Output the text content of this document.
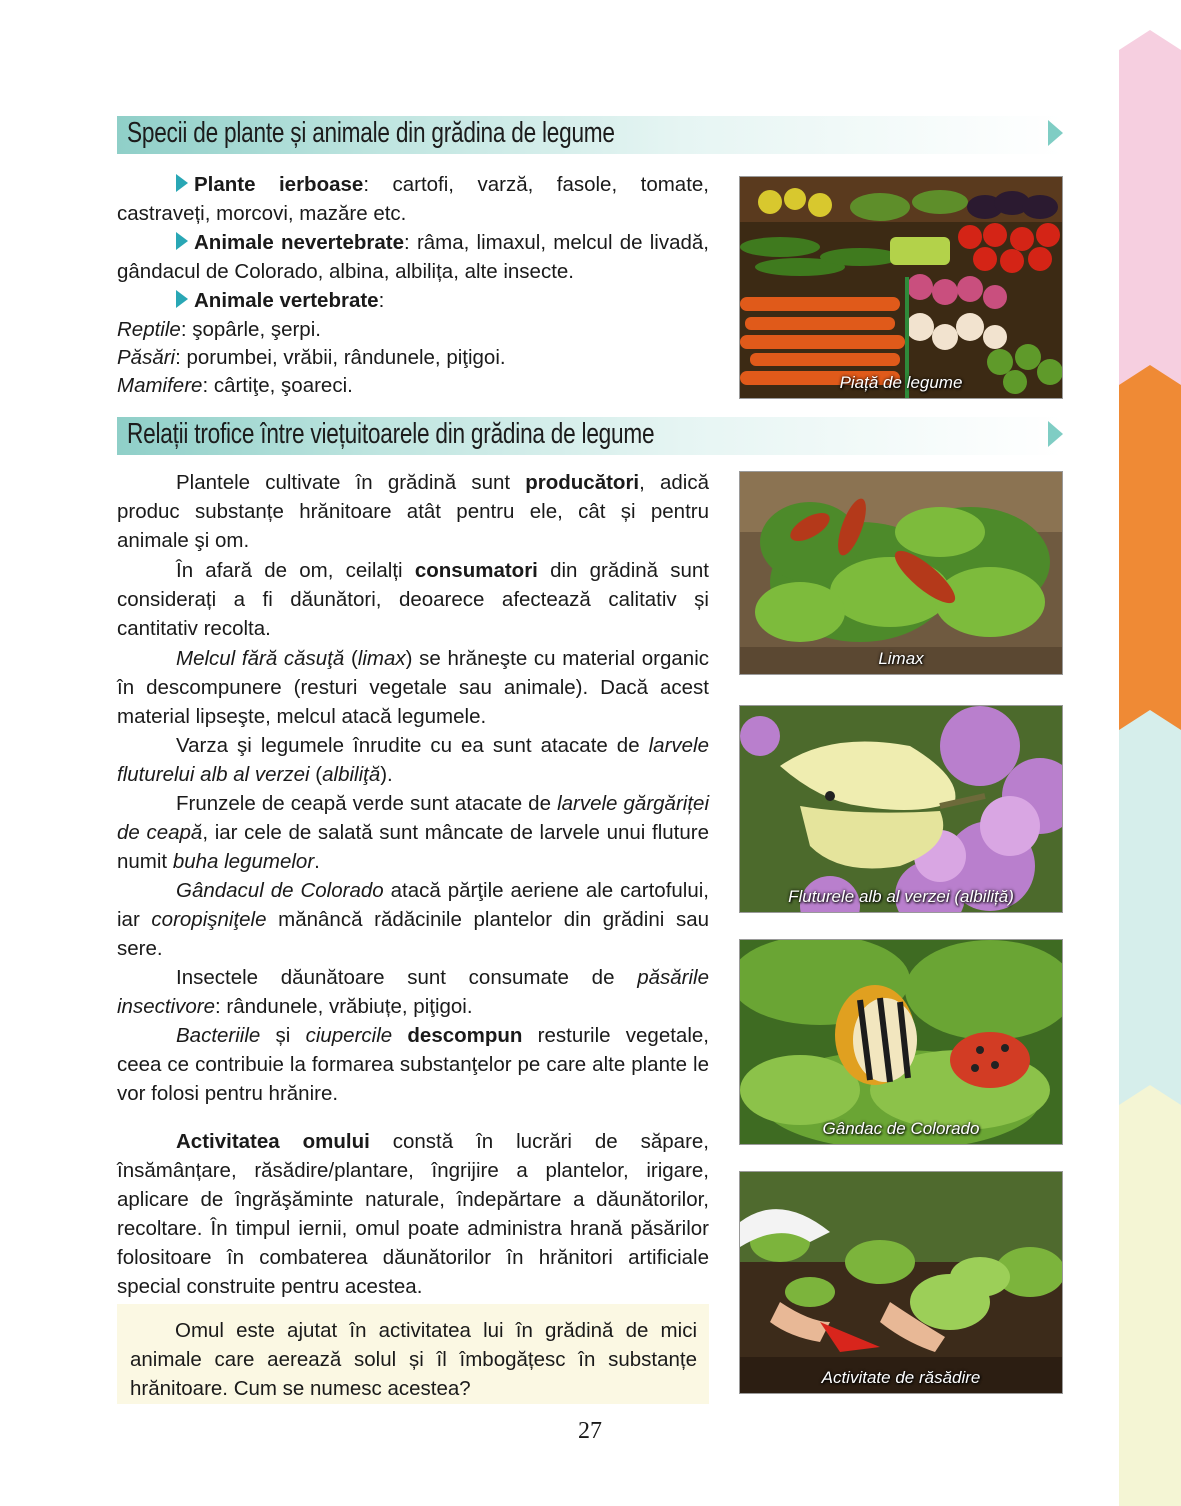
Specii de plante și animale din grădina de legume

Plante ierboase: cartofi, varză, fasole, tomate, castraveți, morcovi, mazăre etc.

Animale nevertebrate: râma, limaxul, melcul de livadă, gândacul de Colorado, albina, albilița, alte insecte.

Animale vertebrate:

Reptile: şopârle, şerpi.

Păsări: porumbei, vrăbii, rândunele, piţigoi.

Mamifere: cârtiţe, şoareci.	Piață de legume
Relații trofice între viețuitoarele din grădina de legume

Plantele cultivate în grădină sunt producători, adică produc substanțe hrănitoare atât pentru ele, cât și pentru animale şi om.

În afară de om, ceilalți consumatori din grădină sunt considerați a fi dăunători, deoarece afectează calitativ și cantitativ recolta.

Melcul fără căsuţă (limax) se hrăneşte cu material organic în descompunere (resturi vegetale sau animale). Dacă acest material lipseşte, melcul atacă legumele.

Varza şi legumele înrudite cu ea sunt atacate de larvele fluturelui alb al verzei (albiliţă).

Frunzele de ceapă verde sunt atacate de larvele gărgăriței de ceapă, iar cele de salată sunt mâncate de larvele unui fluture numit buha legumelor.

Gândacul de Colorado atacă părţile aeriene ale cartofului, iar coropişniţele mănâncă rădăcinile plantelor din grădini sau sere.

Insectele dăunătoare sunt consumate de păsările insectivore: rândunele, vrăbiuțe, piţigoi.

Bacteriile și ciupercile descompun resturile vegetale, ceea ce contribuie la formarea substanţelor pe care alte plante le vor folosi pentru hrănire.

Activitatea omului constă în lucrări de săpare, însămânțare, răsădire/plantare, îngrijire a plantelor, irigare, aplicare de îngrăşăminte naturale, îndepărtare a dăunătorilor, recoltare. În timpul iernii, omul poate administra hrană păsărilor folositoare în combaterea dăunătorilor în hrănitori artificiale special construite pentru acestea.

Omul este ajutat în activitatea lui în grădină de mici animale care aerează solul și îl îmbogățesc în substanțe hrănitoare. Cum se numesc acestea?

Limax
Fluturele alb al verzei (albiliță)
Gândac de Colorado
Activitate de răsădire
27
